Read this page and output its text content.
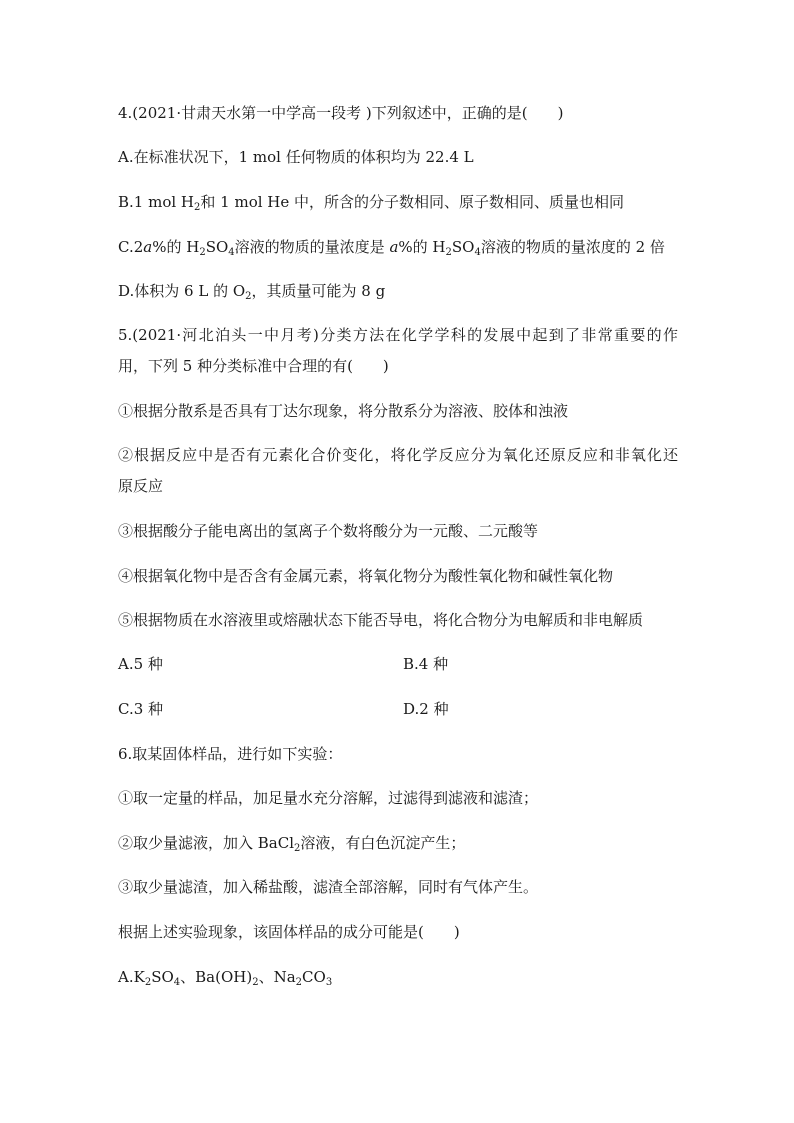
4.(2021·甘肃天水第一中学高一段考 )下列叙述中，正确的是(　　)
A.在标准状况下，1 mol 任何物质的体积均为 22.4 L
B.1 mol $H_2$和 1 mol He 中，所含的分子数相同、原子数相同、质量也相同
C.2a%的 $H_2SO_4$溶液的物质的量浓度是 a%的 $H_2SO_4$溶液的物质的量浓度的 2 倍
D.体积为 6 L 的 $O_2$，其质量可能为 8 g
5.(2021·河北泊头一中月考)分类方法在化学学科的发展中起到了非常重要的作
用，下列 5 种分类标准中合理的有(　　)
①根据分散系是否具有丁达尔现象，将分散系分为溶液、胶体和浊液
②根据反应中是否有元素化合价变化，将化学反应分为氧化还原反应和非氧化还
原反应
③根据酸分子能电离出的氢离子个数将酸分为一元酸、二元酸等
④根据氧化物中是否含有金属元素，将氧化物分为酸性氧化物和碱性氧化物
⑤根据物质在水溶液里或熔融状态下能否导电，将化合物分为电解质和非电解质
A.5 种	B.4 种
C.3 种	D.2 种
6.取某固体样品，进行如下实验：
①取一定量的样品，加足量水充分溶解，过滤得到滤液和滤渣；
②取少量滤液，加入 BaCl$_2$溶液，有白色沉淀产生；
③取少量滤渣，加入稀盐酸，滤渣全部溶解，同时有气体产生。
根据上述实验现象，该固体样品的成分可能是(　　)
$A.K_2SO_4$、$Ba(OH)_2$、$Na_2CO_3$
